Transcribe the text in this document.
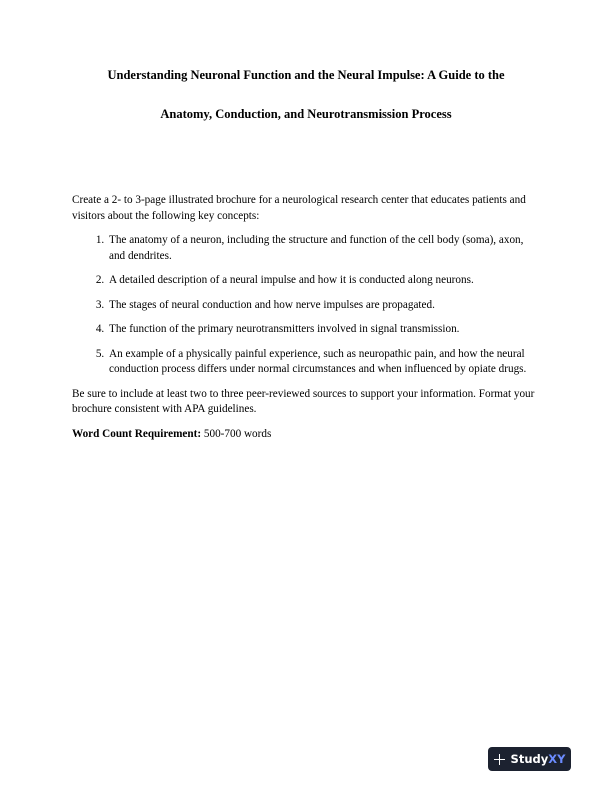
Understanding Neuronal Function and the Neural Impulse: A Guide to the
Anatomy, Conduction, and Neurotransmission Process

Create a 2- to 3-page illustrated brochure for a neurological research center that educates patients and visitors about the following key concepts:

1. The anatomy of a neuron, including the structure and function of the cell body (soma), axon, and dendrites.
2. A detailed description of a neural impulse and how it is conducted along neurons.
3. The stages of neural conduction and how nerve impulses are propagated.
4. The function of the primary neurotransmitters involved in signal transmission.
5. An example of a physically painful experience, such as neuropathic pain, and how the neural conduction process differs under normal circumstances and when influenced by opiate drugs.

Be sure to include at least two to three peer-reviewed sources to support your information. Format your brochure consistent with APA guidelines.

Word Count Requirement: 500-700 words

Study XY
